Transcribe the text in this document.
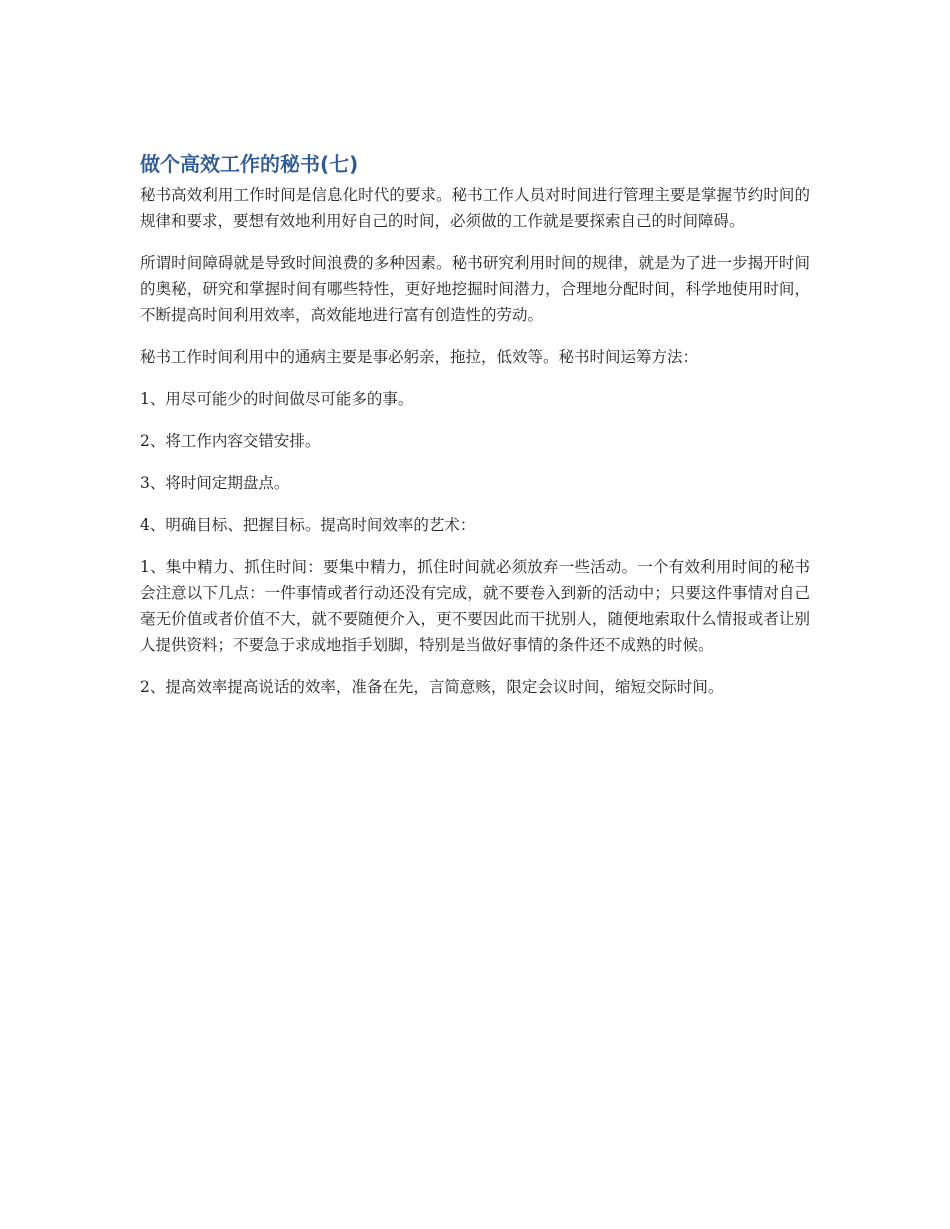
做个高效工作的秘书(七)

秘书高效利用工作时间是信息化时代的要求。秘书工作人员对时间进行管理主要是掌握节约时间的规律和要求，要想有效地利用好自己的时间，必须做的工作就是要探索自己的时间障碍。

所谓时间障碍就是导致时间浪费的多种因素。秘书研究利用时间的规律，就是为了进一步揭开时间的奥秘，研究和掌握时间有哪些特性，更好地挖掘时间潜力，合理地分配时间，科学地使用时间，不断提高时间利用效率，高效能地进行富有创造性的劳动。

秘书工作时间利用中的通病主要是事必躬亲，拖拉，低效等。秘书时间运筹方法：

1、用尽可能少的时间做尽可能多的事。

2、将工作内容交错安排。

3、将时间定期盘点。

4、明确目标、把握目标。提高时间效率的艺术：

1、集中精力、抓住时间：要集中精力，抓住时间就必须放弃一些活动。一个有效利用时间的秘书会注意以下几点：一件事情或者行动还没有完成，就不要卷入到新的活动中；只要这件事情对自己毫无价值或者价值不大，就不要随便介入，更不要因此而干扰别人，随便地索取什么情报或者让别人提供资料；不要急于求成地指手划脚，特别是当做好事情的条件还不成熟的时候。

2、提高效率提高说话的效率，准备在先，言简意赅，限定会议时间，缩短交际时间。
